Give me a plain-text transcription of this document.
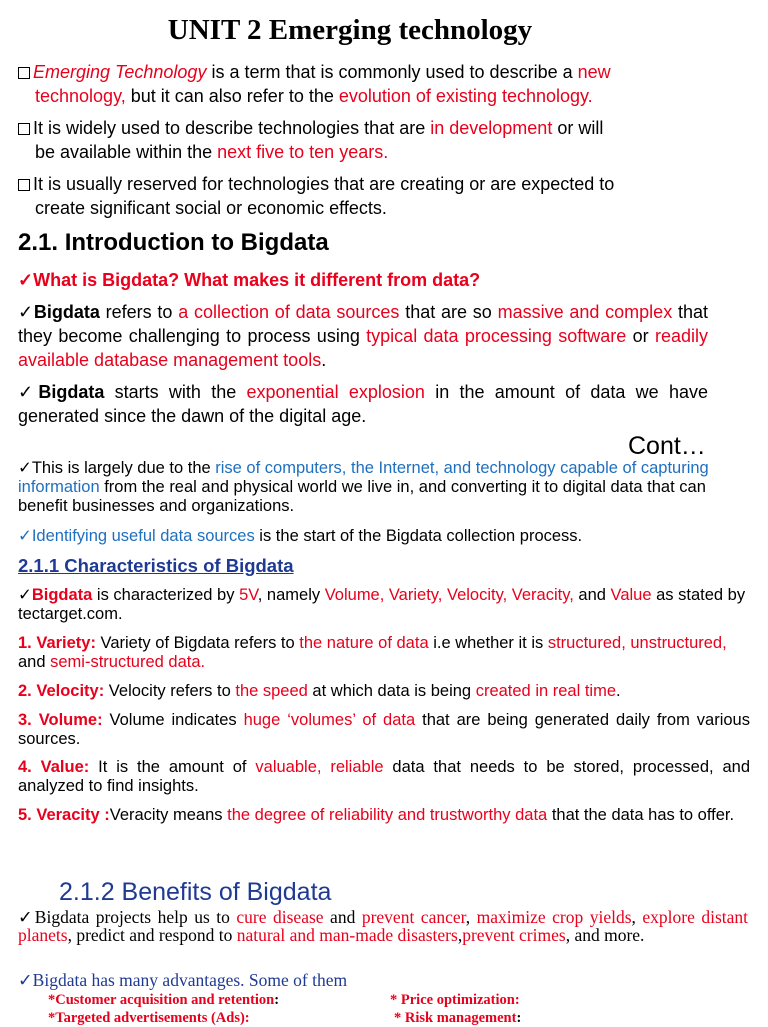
UNIT 2 Emerging technology
Emerging Technology is a term that is commonly used to describe a new
technology, but it can also refer to the evolution of existing technology.
It is widely used to describe technologies that are in development or will
be available within the next five to ten years.
It is usually reserved for technologies that are creating or are expected to
create significant social or economic effects.
2.1. Introduction to Bigdata
✓What is Bigdata? What makes it different from data?
✓Bigdata refers to a collection of data sources that are so massive and complex that they become challenging to process using typical data processing software or readily available database management tools.
✓Bigdata starts with the exponential explosion in the amount of data we have generated since the dawn of the digital age.
Cont…
✓This is largely due to the rise of computers, the Internet, and technology capable of capturing information from the real and physical world we live in, and converting it to digital data that can benefit businesses and organizations.
✓Identifying useful data sources is the start of the Bigdata collection process.
2.1.1 Characteristics of Bigdata
✓Bigdata is characterized by 5V, namely Volume, Variety, Velocity, Veracity, and Value as stated by tectarget.com.
1. Variety: Variety of Bigdata refers to the nature of data i.e whether it is structured, unstructured, and semi-structured data.
2. Velocity: Velocity refers to the speed at which data is being created in real time.
3. Volume: Volume indicates huge ‘volumes’ of data that are being generated daily from various sources.
4. Value: It is the amount of valuable, reliable data that needs to be stored, processed, and analyzed to find insights.
5. Veracity :Veracity means the degree of reliability and trustworthy data that the data has to offer.
2.1.2 Benefits of Bigdata
✓Bigdata projects help us to cure disease and prevent cancer, maximize crop yields, explore distant planets, predict and respond to natural and man-made disasters,prevent crimes, and more.
✓Bigdata has many advantages. Some of them
*Customer acquisition and retention:	* Price optimization:
*Targeted advertisements (Ads):	* Risk management:
